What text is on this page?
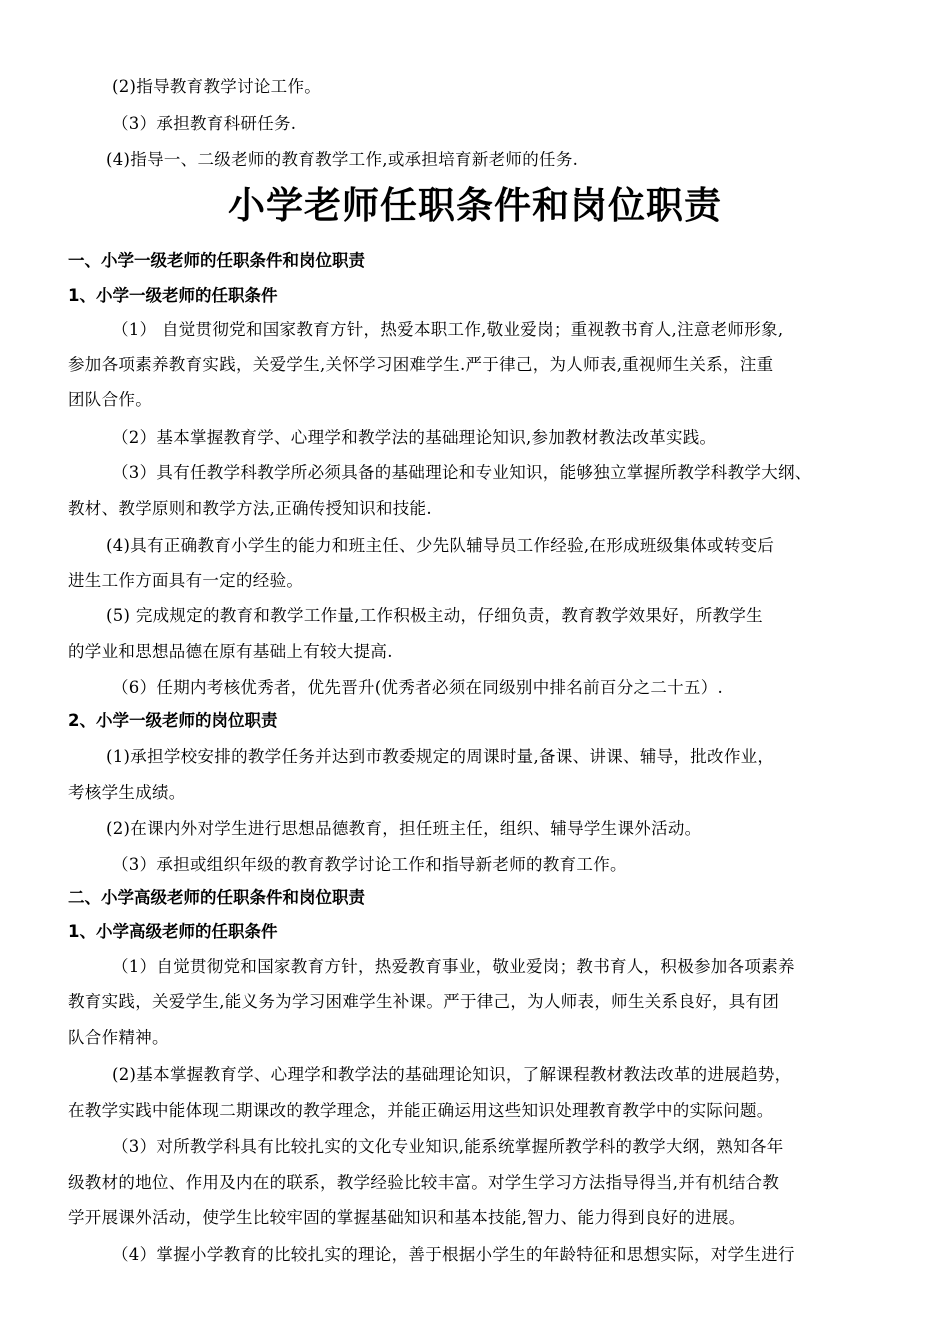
(2)指导教育教学讨论工作。
（3）承担教育科研任务.
(4)指导一、二级老师的教育教学工作,或承担培育新老师的任务.
小学老师任职条件和岗位职责
一、小学一级老师的任职条件和岗位职责
1、小学一级老师的任职条件
（1） 自觉贯彻党和国家教育方针，热爱本职工作,敬业爱岗；重视教书育人,注意老师形象,
参加各项素养教育实践，关爱学生,关怀学习困难学生.严于律己，为人师表,重视师生关系，注重
团队合作。
（2）基本掌握教育学、心理学和教学法的基础理论知识,参加教材教法改革实践。
（3）具有任教学科教学所必须具备的基础理论和专业知识，能够独立掌握所教学科教学大纲、
教材、教学原则和教学方法,正确传授知识和技能.
(4)具有正确教育小学生的能力和班主任、少先队辅导员工作经验,在形成班级集体或转变后
进生工作方面具有一定的经验。
(5) 完成规定的教育和教学工作量,工作积极主动，仔细负责，教育教学效果好，所教学生
的学业和思想品德在原有基础上有较大提高.
（6）任期内考核优秀者，优先晋升(优秀者必须在同级别中排名前百分之二十五）.
2、小学一级老师的岗位职责
(1)承担学校安排的教学任务并达到市教委规定的周课时量,备课、讲课、辅导，批改作业，
考核学生成绩。
(2)在课内外对学生进行思想品德教育，担任班主任，组织、辅导学生课外活动。
（3）承担或组织年级的教育教学讨论工作和指导新老师的教育工作。
二、小学高级老师的任职条件和岗位职责
1、小学高级老师的任职条件
（1）自觉贯彻党和国家教育方针，热爱教育事业，敬业爱岗；教书育人，积极参加各项素养
教育实践，关爱学生,能义务为学习困难学生补课。严于律己，为人师表，师生关系良好，具有团
队合作精神。
(2)基本掌握教育学、心理学和教学法的基础理论知识，了解课程教材教法改革的进展趋势，
在教学实践中能体现二期课改的教学理念，并能正确运用这些知识处理教育教学中的实际问题。
（3）对所教学科具有比较扎实的文化专业知识,能系统掌握所教学科的教学大纲，熟知各年
级教材的地位、作用及内在的联系，教学经验比较丰富。对学生学习方法指导得当,并有机结合教
学开展课外活动，使学生比较牢固的掌握基础知识和基本技能,智力、能力得到良好的进展。
（4）掌握小学教育的比较扎实的理论，善于根据小学生的年龄特征和思想实际，对学生进行
